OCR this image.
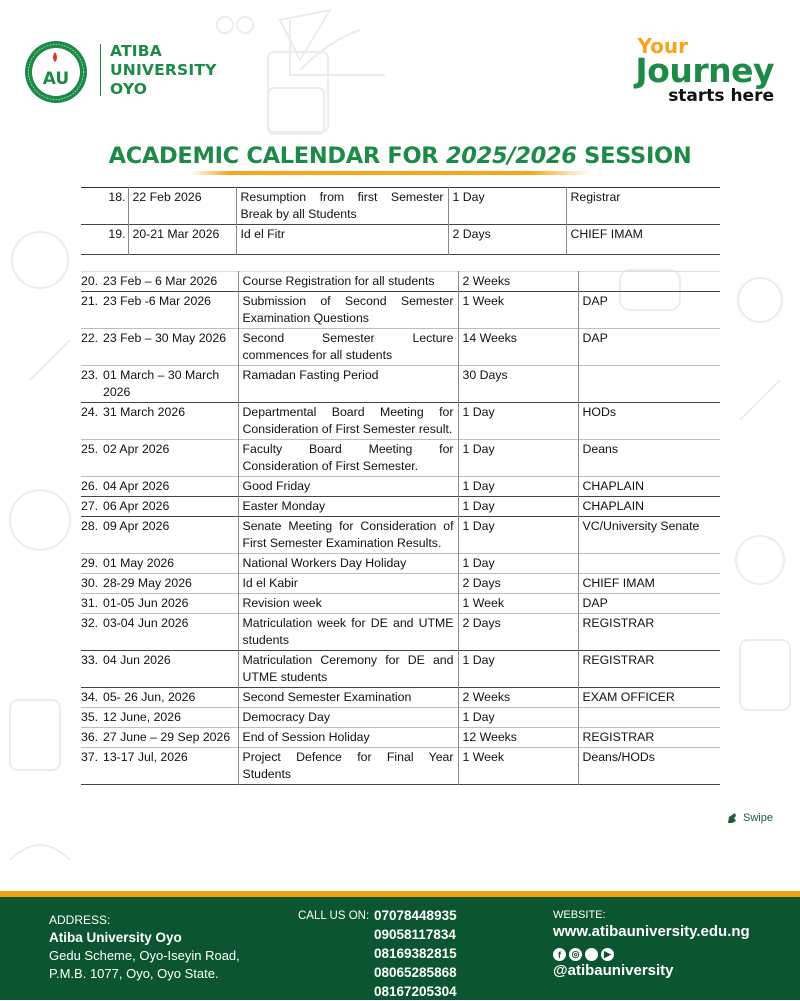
AU
ATIBA
UNIVERSITY
OYO
Your
Journey
starts here
ACADEMIC CALENDAR FOR 2025/2026 SESSION
18.	22 Feb 2026	Resumption from first Semester Break by all Students	1 Day	Registrar
19.	20-21 Mar 2026	Id el Fitr	2 Days	CHIEF IMAM
20. 23 Feb – 6 Mar 2026	Course Registration for all students	2 Weeks	
21. 23 Feb -6 Mar 2026	Submission of Second Semester Examination Questions	1 Week	DAP
22. 23 Feb – 30 May 2026	Second Semester Lecture commences for all students	14 Weeks	DAP
23. 01 March – 30 March 2026	Ramadan Fasting Period	30 Days	
24. 31 March 2026	Departmental Board Meeting for Consideration of First Semester result.	1 Day	HODs
25. 02 Apr 2026	Faculty Board Meeting for Consideration of First Semester.	1 Day	Deans
26. 04 Apr 2026	Good Friday	1 Day	CHAPLAIN
27. 06 Apr 2026	Easter Monday	1 Day	CHAPLAIN
28. 09 Apr 2026	Senate Meeting for Consideration of First Semester Examination Results.	1 Day	VC/University Senate
29. 01 May 2026	National Workers Day Holiday	1 Day	
30. 28-29 May 2026	Id el Kabir	2 Days	CHIEF IMAM
31. 01-05 Jun 2026	Revision week	1 Week	DAP
32. 03-04 Jun 2026	Matriculation week for DE and UTME students	2 Days	REGISTRAR
33. 04 Jun 2026	Matriculation Ceremony for DE and UTME students	1 Day	REGISTRAR
34. 05- 26 Jun, 2026	Second Semester Examination	2 Weeks	EXAM OFFICER
35. 12 June, 2026	Democracy Day	1 Day	
36. 27 June – 29 Sep 2026	End of Session Holiday	12 Weeks	REGISTRAR
37. 13-17 Jul, 2026	Project Defence for Final Year Students	1 Week	Deans/HODs
Swipe
ADDRESS:
Atiba University Oyo
Gedu Scheme, Oyo-Iseyin Road,
P.M.B. 1077, Oyo, Oyo State.
CALL US ON: 07078448935
09058117834
08169382815
08065285868
08167205304
WEBSITE:
www.atibauniversity.edu.ng
f	◎	▶
@atibauniversity
